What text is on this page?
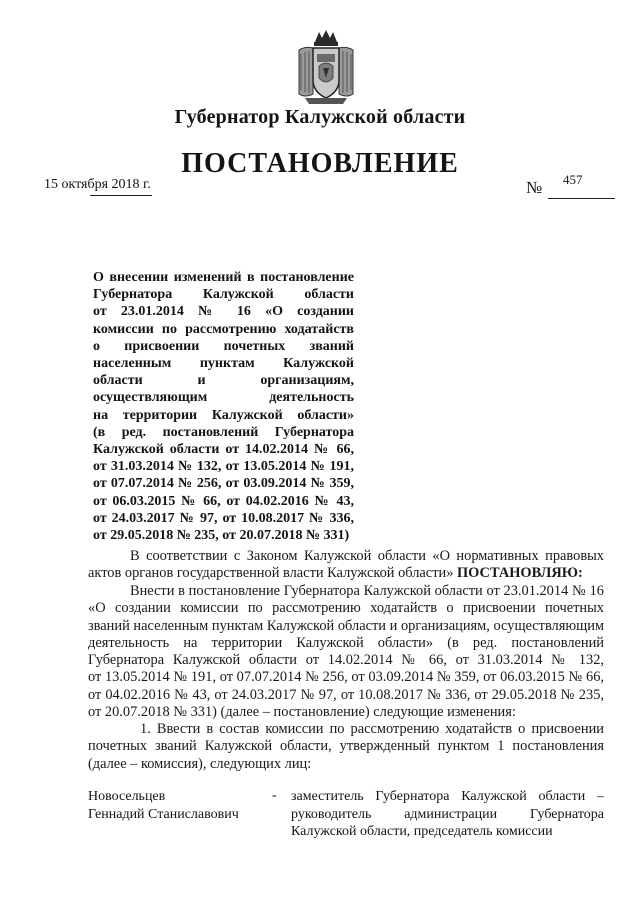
Губернатор Калужской области
ПОСТАНОВЛЕНИЕ
15 октября 2018 г.	№ 457
О внесении изменений в постановление
Губернатора Калужской области
от 23.01.2014 № 16 «О создании
комиссии по рассмотрению ходатайств
о присвоении почетных званий
населенным пунктам Калужской
области и организациям,
осуществляющим деятельность
на территории Калужской области»
(в ред. постановлений Губернатора
Калужской области от 14.02.2014 № 66,
от 31.03.2014 № 132, от 13.05.2014 № 191,
от 07.07.2014 № 256, от 03.09.2014 № 359,
от 06.03.2015 № 66, от 04.02.2016 № 43,
от 24.03.2017 № 97, от 10.08.2017 № 336,
от 29.05.2018 № 235, от 20.07.2018 № 331)
В соответствии с Законом Калужской области «О нормативных правовых
актов органов государственной власти Калужской области» ПОСТАНОВЛЯЮ:
Внести в постановление Губернатора Калужской области от 23.01.2014 № 16
«О создании комиссии по рассмотрению ходатайств о присвоении почетных
званий населенным пунктам Калужской области и организациям, осуществляющим
деятельность на территории Калужской области» (в ред. постановлений
Губернатора Калужской области от 14.02.2014 № 66, от 31.03.2014 № 132,
от 13.05.2014 № 191, от 07.07.2014 № 256, от 03.09.2014 № 359, от 06.03.2015 № 66,
от 04.02.2016 № 43, от 24.03.2017 № 97, от 10.08.2017 № 336, от 29.05.2018 № 235,
от 20.07.2018 № 331) (далее – постановление) следующие изменения:
1. Ввести в состав комиссии по рассмотрению ходатайств о присвоении
почетных званий Калужской области, утвержденный пунктом 1 постановления
(далее – комиссия), следующих лиц:
Новосельцев
Геннадий Станиславович
- заместитель Губернатора Калужской области –
руководитель администрации Губернатора
Калужской области, председатель комиссии
